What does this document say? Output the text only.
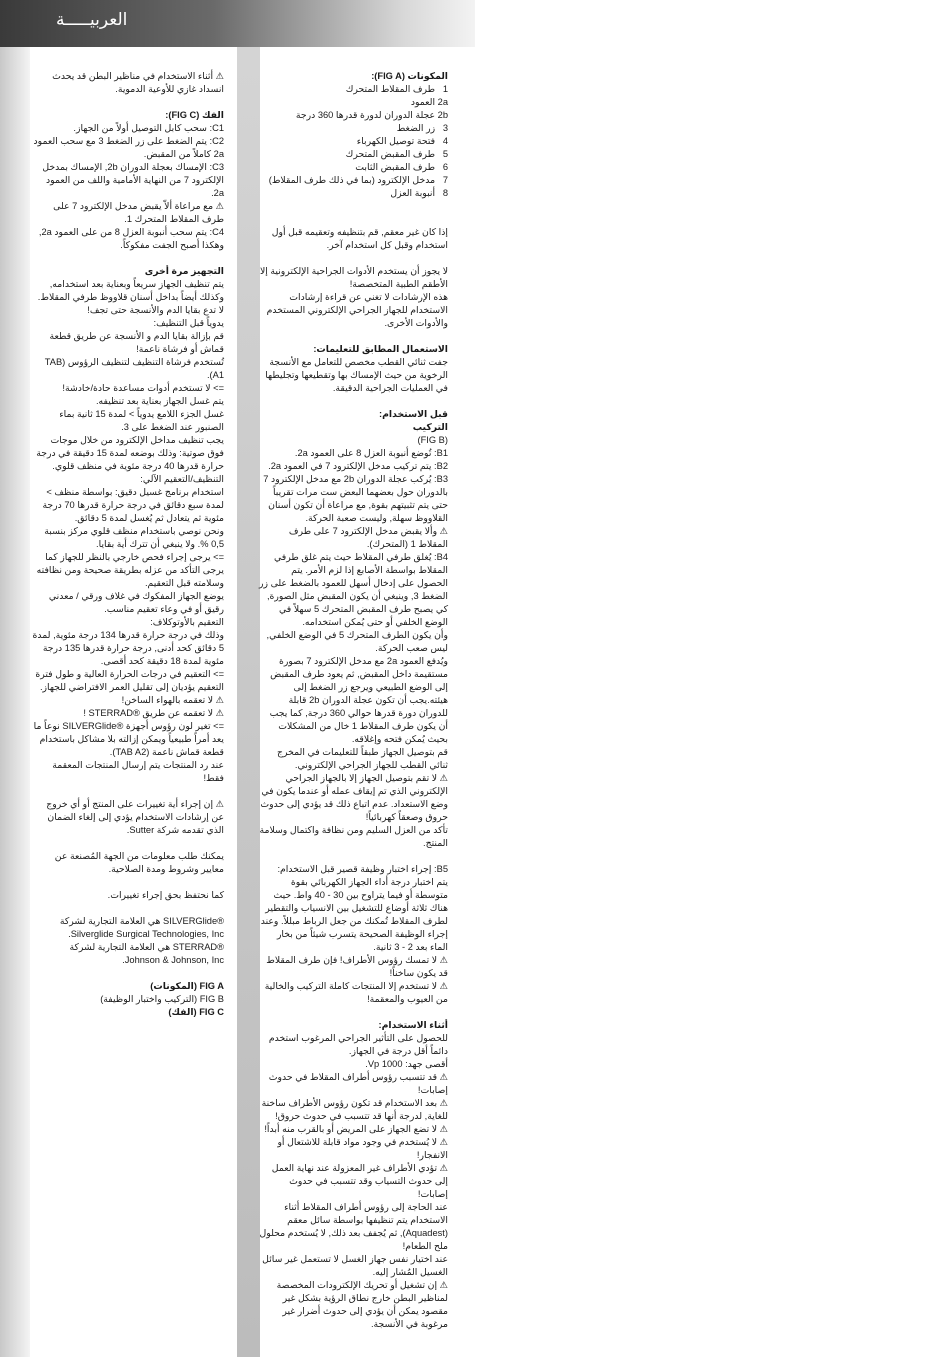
العربيـــــة

⚠ أثناء الاستخدام في مناظير البطن قد يحدث انسداد غازي للأوعية الدموية.

الفك (FIG C):

C1: سحب كابل التوصيل أولاً من الجهاز.

C2: يتم الضغط على زر الضغط 3 مع سحب العمود 2a كاملاً من المقبض.

C3: الإمساك بعجلة الدوران 2b, الإمساك بمدخل الإلكترود 7 من النهاية الأمامية واللف من العمود 2a.

⚠ مع مراعاة ألاّ يقبض مدخل الإلكترود 7 على طرف المقلاط المتحرك 1.

C4: يتم سحب أنبوبة العزل 8 من على العمود 2a, وهكذا أصبح الجفت مفكوكاً.

التجهيز مرة أخرى

يتم تنظيف الجهاز سريعاً وبعناية بعد استخدامه, وكذلك أيضاً بداخل أسنان قلاووظ طرفي المقلاط.

لا تدع بقايا الدم والأنسجة حتى تجف!

يدوياً قبل التنظيف:

قم بإزالة بقايا الدم و الأنسجة عن طريق قطعة قماش أو فرشاة ناعمة!

تُستخدم فرشاة التنظيف لتنظيف الرؤوس (TAB A1).

=> لا تستخدم أدوات مساعدة حادة/خادشة!

يتم غسل الجهاز بعناية بعد تنظيفه.

غسل الجزء اللامع يدوياً > لمدة 15 ثانية بماء الصنبور عند الضغط على 3.

يجب تنظيف مداخل الإلكترود من خلال موجات فوق صوتية: وذلك بوضعه لمدة 15 دقيقة في درجة حرارة قدرها 40 درجة مئوية في منظف قلوي.

التنظيف/التعقيم الآلي:

استخدام برنامج غسيل دقيق: بواسطة منظف > لمدة سبع دقائق في درجة حرارة قدرها 70 درجة مئوية ثم يتعادل ثم يُغسل لمدة 5 دقائق.

ونحن نوصي باستخدام منظف قلوي مركز بنسبة 0,5 %. ولا ينبغي أن تترك أية بقايا.

=> يرجى إجراء فحص خارجي بالنظر للجهاز كما يرجى التأكد من عزله بطريقة صحيحة ومن نظافته وسلامته قبل التعقيم.

يوضع الجهاز المفكوك في غلاف ورقي / معدني رقيق أو في وعاء تعقيم مناسب.

التعقيم بالأوتوكلاف:

وذلك في درجة حرارة قدرها 134 درجة مئوية, لمدة 5 دقائق كحد أدنى, درجة حرارة قدرها 135 درجة مئوية لمدة 18 دقيقة كحد أقصى.

=> التعقيم في درجات الحرارة العالية و طول فترة التعقيم يؤديان إلى تقليل العمر الافتراضي للجهاز.

⚠ لا تعقمه بالهواء الساخن!

⚠ لا تعقمه عن طريق ®STERRAD !

=> تغير لون رؤوس أجهزة ®SILVERGlide نوعاً ما يعد أمراً طبيعياً ويمكن إزالته بلا مشاكل باستخدام قطعة قماش ناعمة (TAB A2).

عند رد المنتجات يتم إرسال المنتجات المعقمة فقط!

⚠ إن إجراء أية تغييرات على المنتج أو أي خروج عن إرشادات الاستخدام يؤدي إلى إلغاء الضمان الذي تقدمه شركة Sutter.

يمكنك طلب معلومات من الجهة المُصنعة عن معايير وشروط ومدة الصلاحية.

كما نحتفظ بحق إجراء تغييرات.

®SILVERGlide هي العلامة التجارية لشركة Silverglide Surgical Technologies, Inc.

®STERRAD هي العلامة التجارية لشركة Johnson & Johnson, Inc.

FIG A (المكونات)

FIG B (التركيب واختبار الوظيفة)

FIG C (الفك)

المكونات (FIG A):

1   طرف المقلاط المتحرك

2a العمود

2b عجلة الدوران لدورة قدرها 360 درجة

3   زر الضغط

4   فتحة توصيل الكهرباء

5   طرف المقبض المتحرك

6   طرف المقبض الثابت

7   مدخل الإلكترود (بما في ذلك طرف المقلاط)

8   أنبوبة العزل

إذا كان غير معقم, قم بتنظيفه وتعقيمه قبل أول استخدام وقبل كل استخدام آخر.

لا يجوز أن يستخدم الأدوات الجراحية الإلكترونية إلا الأطقم الطبية المتخصصة!

هذه الإرشادات لا تغني عن قراءة إرشادات الاستخدام للجهاز الجراحي الإلكتروني المستخدم والأدوات الأخرى.

الاستعمال المطابق للتعليمات:

جفت ثنائي القطب مخصص للتعامل مع الأنسجة الرخوية من حيث الإمساك بها وتقطيعها وتجليطها في العمليات الجراحية الدقيقة.

قبل الاستخدام:

التركيب

(FIG B)

B1: تُوضع أنبوبة العزل 8 على العمود 2a.

B2: يتم تركيب مدخل الإلكترود 7 في العمود 2a.

B3: يُركب عجلة الدوران 2b مع مدخل الإلكترود 7 بالدوران حول بعضهما البعض ست مرات تقريباً حتى يتم تثبيتهم بقوة, مع مراعاة أن تكون أسنان القلاووظ سهلة, وليست صعبة الحركة.

⚠ وألا يقبض مدخل الإلكترود 7 على طرف المقلاط 1 (المتحرك).

B4: يُغلق طرفي المقلاط حيث يتم غلق طرفي المقلاط بواسطة الأصابع إذا لزم الأمر. يتم الحصول على إدخال أسهل للعمود بالضغط على زر الضغط 3, وينبغي أن يكون المقبض مثل الصورة, كي يصبح طرف المقبض المتحرك 5 سهلاً في الوضع الخلفي أو حتى يُمكن استخدامه.

وأن يكون الطرف المتحرك 5 في الوضع الخلفي, ليس صعب الحركة.

ويُدفع العمود 2a مع مدخل الإلكترود 7 بصورة مستقيمة داخل المقبض, ثم يعود طرف المقبض إلى الوضع الطبيعي ويرجع زر الضغط إلى هيئته.يجب أن تكون عجلة الدوران 2b قابلة للدوران دورة قدرها حوالي 360 درجة, كما يجب أن يكون طرف المقلاط 1 خال من المشكلات بحيث يُمكن فتحه وإغلاقه.

قم بتوصيل الجهاز طبقاً للتعليمات في المخرج ثنائي القطب للجهاز الجراحي الإلكتروني.

⚠ لا تقم بتوصيل الجهاز إلا بالجهاز الجراحي الإلكتروني الذي تم إيقاف عمله أو عندما يكون في وضع الاستعداد. عدم اتباع ذلك قد يؤدي إلى حدوث حروق وصعقاً كهربائياً!

تأكد من العزل السليم ومن نظافة واكتمال وسلامة المنتج.

B5: إجراء اختبار وظيفة قصير قبل الاستخدام:

يتم اختبار درجة أداء الجهاز الكهربائي بقوة متوسطة أو فيما يتراوح بين 30 - 40 واط. حيث هناك ثلاثة أوضاع للتشغيل بين الانسياب والتقطير لطرف المقلاط تُمكنك من جعل الرباط مبللاً. وعند إجراء الوظيفة الصحيحة يتسرب شيئاً من بخار الماء بعد 2 - 3 ثانية.

⚠ لا تمسك رؤوس الأطراف! فإن طرف المقلاط قد يكون ساخناً!

⚠ لا تستخدم إلا المنتجات كاملة التركيب والخالية من العيوب والمعقمة!

أثناء الاستخدام:

للحصول على التأثير الجراحي المرغوب استخدم دائماً أقل درجة في الجهاز.

أقصى جهد: 1000 Vp.

⚠ قد تتسبب رؤوس أطراف المقلاط في حدوث إصابات!

⚠ بعد الاستخدام قد تكون رؤوس الأطراف ساخنة للغاية, لدرجة أنها قد تتسبب في حدوث حروق!

⚠ لا تضع الجهاز على المريض أو بالقرب منه أبداً!

⚠ لا يُستخدم في وجود مواد قابلة للاشتعال أو الانفجار!

⚠ تؤدي الأطراف غير المعزولة عند نهاية العمل إلى حدوث التسياب وقد تتسبب في حدوث إصابات!

عند الحاجة إلى رؤوس أطراف المقلاط أثناء الاستخدام يتم تنظيفها بواسطة سائل معقم (Aquadest), ثم يُجفف بعد ذلك, لا يُستخدم محلول ملح الطعام!

عند اختيار نفس جهاز الغسل لا تستعمل غير سائل الغسيل المُشار إليه.

⚠ إن تشغيل أو تحريك الإلكترودات المخصصة لمناظير البطن خارج نطاق الرؤية بشكل غير مقصود يمكن أن يؤدي إلى حدوث أضرار غير مرغوبة في الأنسجة.
